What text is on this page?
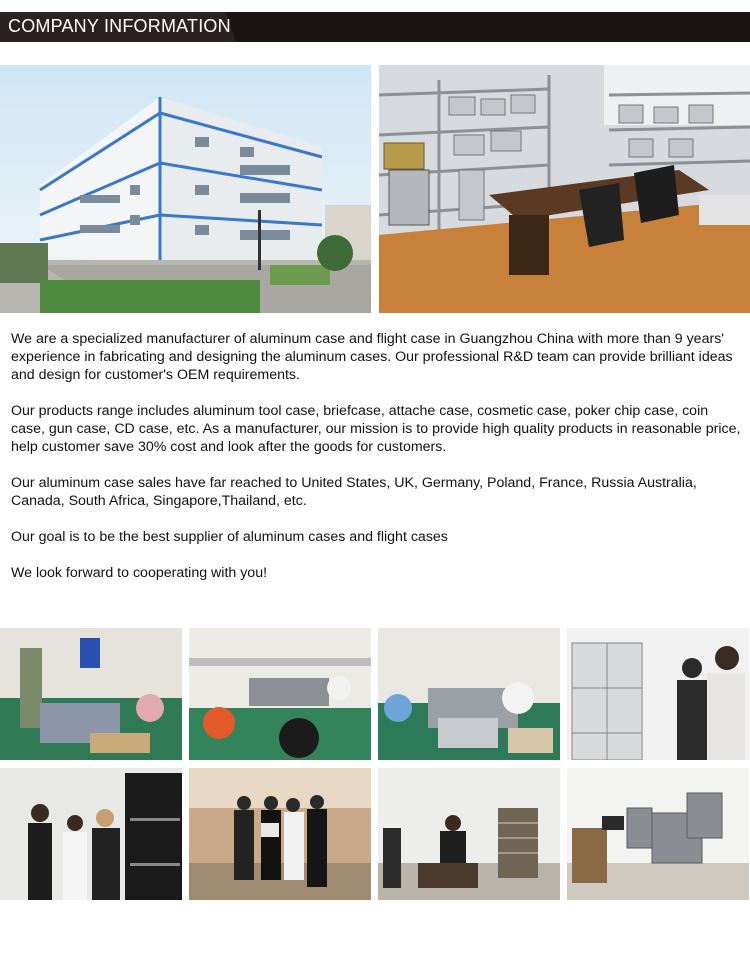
COMPANY INFORMATION

We are a specialized manufacturer of aluminum case and flight case in Guangzhou China with more than 9 years' experience in fabricating and designing the aluminum cases. Our professional R&D team can provide brilliant ideas and design for customer's OEM requirements.

Our products range includes aluminum tool case, briefcase, attache case, cosmetic case, poker chip case, coin case, gun case, CD case, etc. As a manufacturer, our mission is to provide high quality products in reasonable price, help customer save 30% cost and look after the goods for customers.

Our aluminum case sales have far reached to United States, UK, Germany, Poland, France, Russia Australia, Canada, South Africa, Singapore,Thailand, etc.

Our goal is to be the best supplier of aluminum cases and flight cases

We look forward to cooperating with you!
